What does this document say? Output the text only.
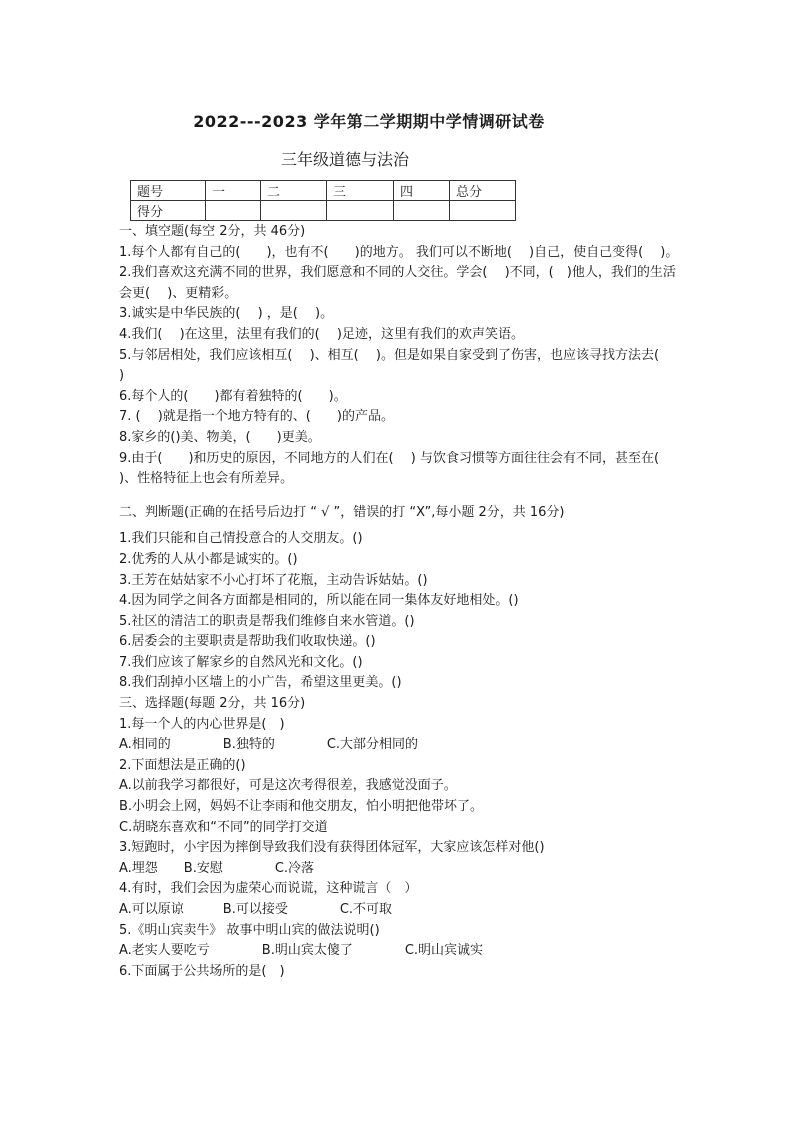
2022---2023 学年第二学期期中学情调研试卷
三年级道德与法治
题号	一	二	三	四	总分
得分					
一、填空题(每空 2分，共 46分)
1.每个人都有自己的(　　)，也有不(　　)的地方。 我们可以不断地(　 )自己，使自己变得(　 )。
2.我们喜欢这充满不同的世界，我们愿意和不同的人交往。学会(　 )不同，(　)他人，我们的生活会更(　 )、更精彩。
3.诚实是中华民族的(　 ) ，是(　 )。
4.我们(　 )在这里，法里有我们的(　 )足迹，这里有我们的欢声笑语。
5.与邻居相处，我们应该相互(　 )、相互(　 )。但是如果自家受到了伤害，也应该寻找方法去(　 )
6.每个人的(　　)都有着独特的(　　)。
7. (　 )就是指一个地方特有的、(　　)的产品。
8.家乡的()美、物美，(　　)更美。
9.由于(　　)和历史的原因，不同地方的人们在(　 ) 与饮食习惯等方面往往会有不同，甚至在(　 )、性格特征上也会有所差异。
二、判断题(正确的在括号后边打 “ √ ”，错误的打 “X”,每小题 2分，共 16分)
1.我们只能和自己情投意合的人交朋友。()
2.优秀的人从小都是诚实的。()
3.王芳在姑姑家不小心打坏了花瓶，主动告诉姑姑。()
4.因为同学之间各方面都是相同的，所以能在同一集体友好地相处。()
5.社区的清洁工的职责是帮我们维修自来水管道。()
6.居委会的主要职责是帮助我们收取快递。()
7.我们应该了解家乡的自然风光和文化。()
8.我们刮掉小区墙上的小广告，希望这里更美。()
三、选择题(每题 2分，共 16分)
1.每一个人的内心世界是(　)
A.相同的　　　　B.独特的　　　　C.大部分相同的
2.下面想法是正确的()
A.以前我学习都很好，可是这次考得很差，我感觉没面子。
B.小明会上网，妈妈不让李雨和他交朋友，怕小明把他带坏了。
C.胡晓东喜欢和“不同”的同学打交道
3.短跑时，小宇因为摔倒导致我们没有获得团体冠军，大家应该怎样对他()
A.埋怨　　B.安慰　　　　C.冷落
4.有时，我们会因为虚荣心而说谎，这种谎言（　）
A.可以原谅　　　B.可以接受　　　　C.不可取
5.《明山宾卖牛》 故事中明山宾的做法说明()
A.老实人要吃亏　　　　B.明山宾太傻了　　　　C.明山宾诚实
6.下面属于公共场所的是(　)
